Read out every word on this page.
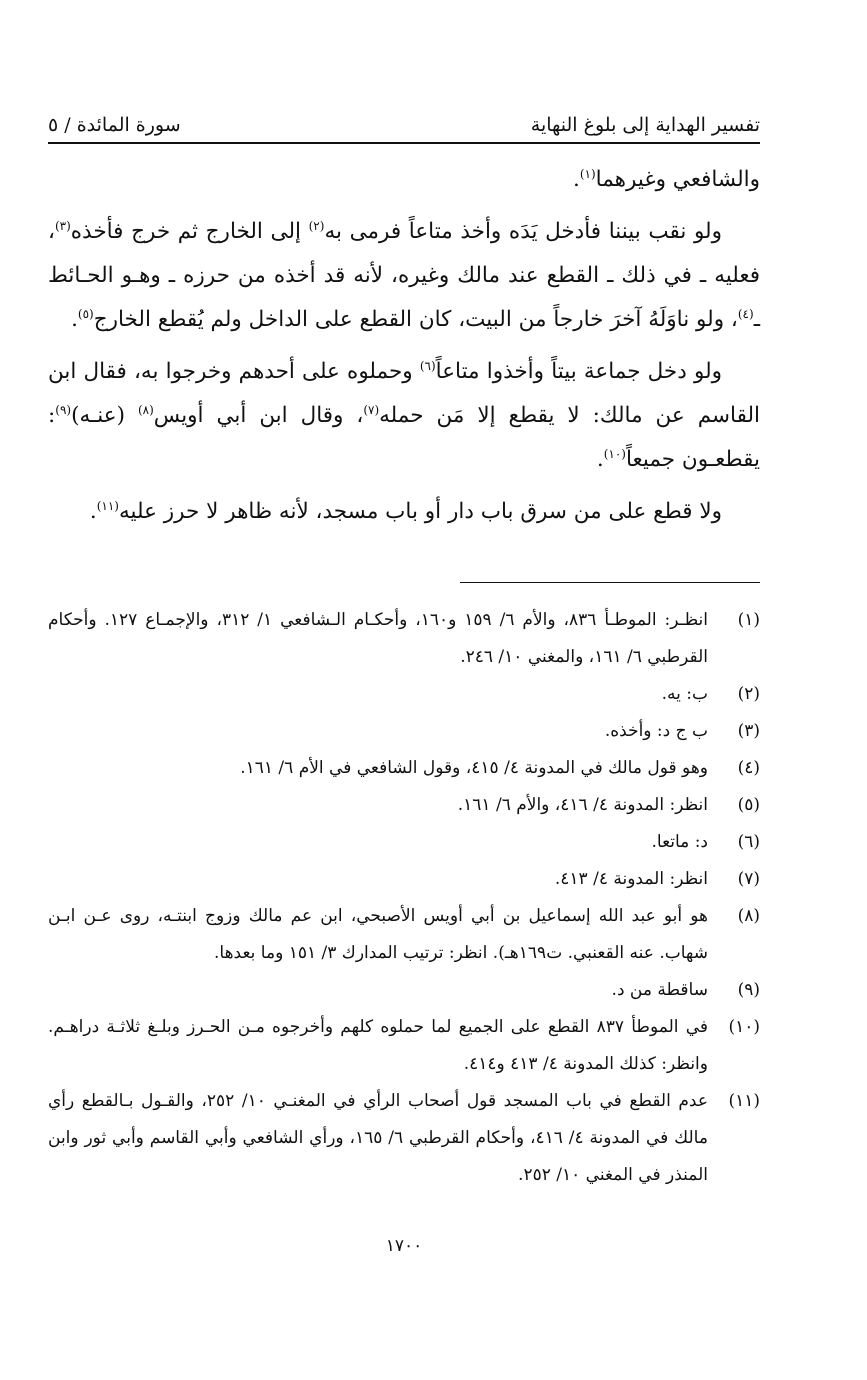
تفسير الهداية إلى بلوغ النهاية
سورة المائدة / ٥

والشافعي وغيرهما$^{(١)}$.

ولو نقب بيننا فأدخل يَدَه وأخذ متاعاً فرمى به$^{(٢)}$ إلى الخارج ثم خرج فأخذه$^{(٣)}$، فعليه ـ في ذلك ـ القطع عند مالك وغيره، لأنه قد أخذه من حرزه ـ وهـو الحـائط ـ$^{(٤)}$، ولو ناوَلَهُ آخرَ خارجاً من البيت، كان القطع على الداخل ولم يُقطع الخارج$^{(٥)}$.

ولو دخل جماعة بيتاً وأخذوا متاعاً$^{(٦)}$ وحملوه على أحدهم وخرجوا به، فقال ابن القاسم عن مالك: لا يقطع إلا مَن حمله$^{(٧)}$، وقال ابن أبي أويس$^{(٨)}$ (عنـه)$^{(٩)}$: يقطعـون جميعاً$^{(١٠)}$.

ولا قطع على من سرق باب دار أو باب مسجد، لأنه ظاهر لا حرز عليه$^{(١١)}$.

(١)
انظـر: الموطـأ ٨٣٦، والأم ٦/ ١٥٩ و١٦٠، وأحكـام الـشافعي ١/ ٣١٢، والإجمـاع ١٢٧. وأحكام القرطبي ٦/ ١٦١، والمغني ١٠/ ٢٤٦.
(٢)
ب: يه.
(٣)
ب ج د: وأخذه.
(٤)
وهو قول مالك في المدونة ٤/ ٤١٥، وقول الشافعي في الأم ٦/ ١٦١.
(٥)
انظر: المدونة ٤/ ٤١٦، والأم ٦/ ١٦١.
(٦)
د: ماتعا.
(٧)
انظر: المدونة ٤/ ٤١٣.
(٨)
هو أبو عبد الله إسماعيل بن أبي أويس الأصبحي، ابن عم مالك وزوج ابنتـه، روى عـن ابـن شهاب. عنه القعنبي. ت١٦٩هـ). انظر: ترتيب المدارك ٣/ ١٥١ وما بعدها.
(٩)
ساقطة من د.
(١٠)
في الموطأ ٨٣٧ القطع على الجميع لما حملوه كلهم وأخرجوه مـن الحـرز وبلـغ ثلاثـة دراهـم. وانظر: كذلك المدونة ٤/ ٤١٣ و٤١٤.
(١١)
عدم القطع في باب المسجد قول أصحاب الرأي في المغنـي ١٠/ ٢٥٢، والقـول بـالقطع رأي مالك في المدونة ٤/ ٤١٦، وأحكام القرطبي ٦/ ١٦٥، ورأي الشافعي وأبي القاسم وأبي ثور وابن المنذر في المغني ١٠/ ٢٥٢.
١٧٠٠
